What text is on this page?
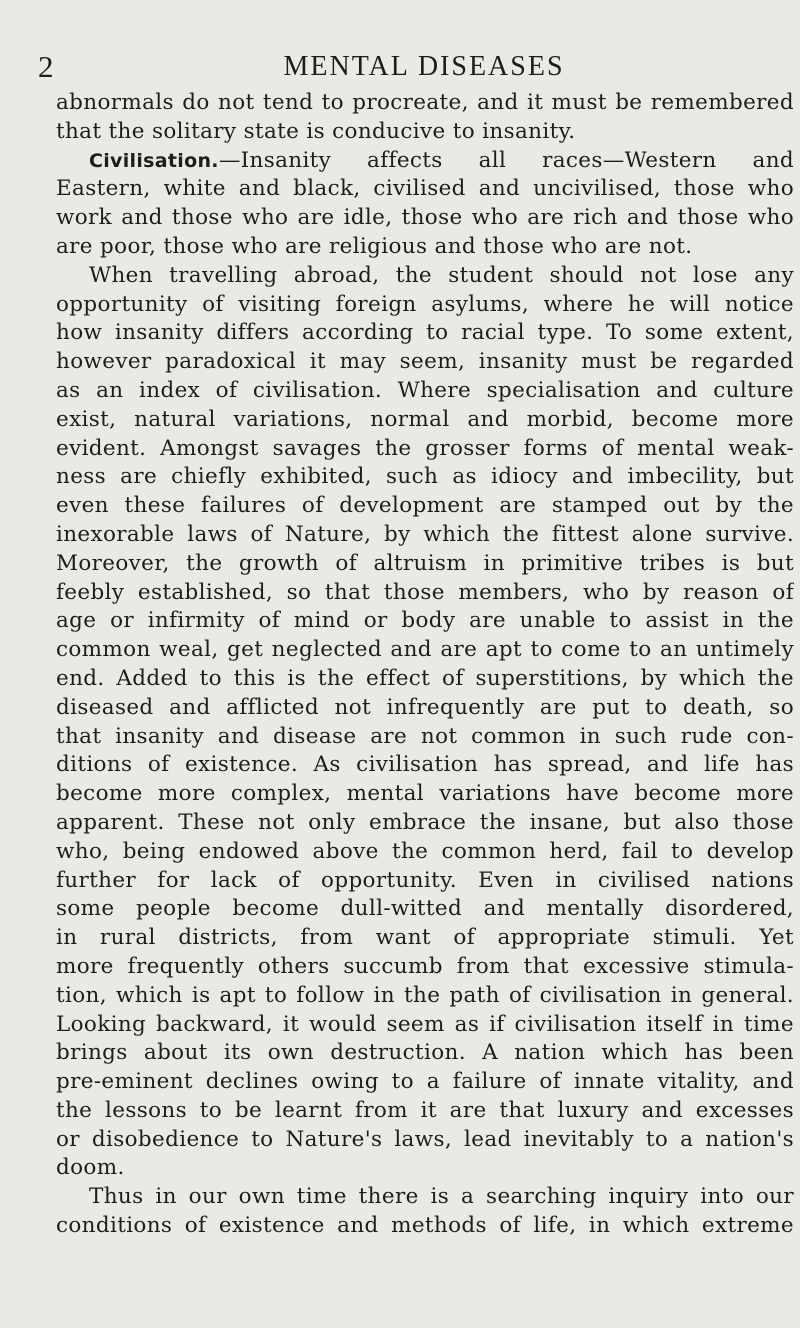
2	MENTAL DISEASES
abnormals do not tend to procreate, and it must be remembered
that the solitary state is conducive to insanity.
Civilisation.—Insanity affects all races—Western and
Eastern, white and black, civilised and uncivilised, those who
work and those who are idle, those who are rich and those who
are poor, those who are religious and those who are not.
When travelling abroad, the student should not lose any
opportunity of visiting foreign asylums, where he will notice
how insanity differs according to racial type. To some extent,
however paradoxical it may seem, insanity must be regarded
as an index of civilisation. Where specialisation and culture
exist, natural variations, normal and morbid, become more
evident. Amongst savages the grosser forms of mental weak-
ness are chiefly exhibited, such as idiocy and imbecility, but
even these failures of development are stamped out by the
inexorable laws of Nature, by which the fittest alone survive.
Moreover, the growth of altruism in primitive tribes is but
feebly established, so that those members, who by reason of
age or infirmity of mind or body are unable to assist in the
common weal, get neglected and are apt to come to an untimely
end. Added to this is the effect of superstitions, by which the
diseased and afflicted not infrequently are put to death, so
that insanity and disease are not common in such rude con-
ditions of existence. As civilisation has spread, and life has
become more complex, mental variations have become more
apparent. These not only embrace the insane, but also those
who, being endowed above the common herd, fail to develop
further for lack of opportunity. Even in civilised nations
some people become dull-witted and mentally disordered,
in rural districts, from want of appropriate stimuli. Yet
more frequently others succumb from that excessive stimula-
tion, which is apt to follow in the path of civilisation in general.
Looking backward, it would seem as if civilisation itself in time
brings about its own destruction. A nation which has been
pre-eminent declines owing to a failure of innate vitality, and
the lessons to be learnt from it are that luxury and excesses
or disobedience to Nature's laws, lead inevitably to a nation's
doom.
Thus in our own time there is a searching inquiry into our
conditions of existence and methods of life, in which extreme
